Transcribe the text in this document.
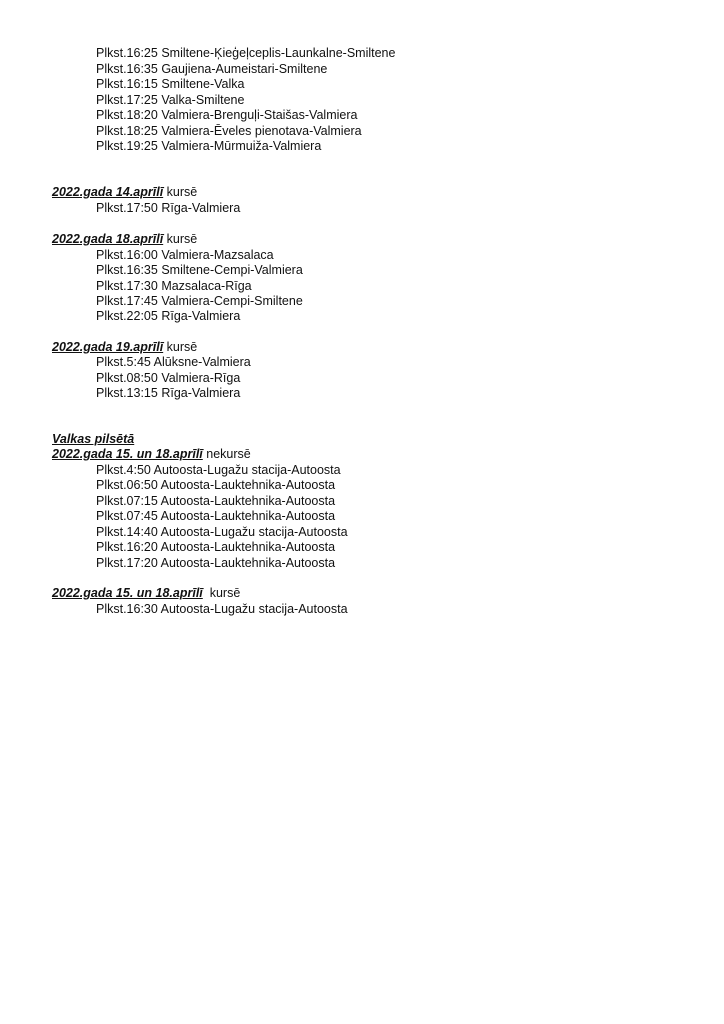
Plkst.16:25 Smiltene-Ķieģeļceplis-Launkalne-Smiltene
Plkst.16:35 Gaujiena-Aumeistari-Smiltene
Plkst.16:15 Smiltene-Valka
Plkst.17:25 Valka-Smiltene
Plkst.18:20 Valmiera-Brenguļi-Staišas-Valmiera
Plkst.18:25 Valmiera-Ēveles pienotava-Valmiera
Plkst.19:25 Valmiera-Mūrmuiža-Valmiera
2022.gada 14.aprīlī kursē
Plkst.17:50 Rīga-Valmiera
2022.gada 18.aprīlī kursē
Plkst.16:00 Valmiera-Mazsalaca
Plkst.16:35 Smiltene-Cempi-Valmiera
Plkst.17:30 Mazsalaca-Rīga
Plkst.17:45 Valmiera-Cempi-Smiltene
Plkst.22:05 Rīga-Valmiera
2022.gada 19.aprīlī kursē
Plkst.5:45 Alūksne-Valmiera
Plkst.08:50 Valmiera-Rīga
Plkst.13:15 Rīga-Valmiera
Valkas pilsētā
2022.gada 15. un 18.aprīlī nekursē
Plkst.4:50 Autoosta-Lugažu stacija-Autoosta
Plkst.06:50 Autoosta-Lauktehnika-Autoosta
Plkst.07:15 Autoosta-Lauktehnika-Autoosta
Plkst.07:45 Autoosta-Lauktehnika-Autoosta
Plkst.14:40 Autoosta-Lugažu stacija-Autoosta
Plkst.16:20 Autoosta-Lauktehnika-Autoosta
Plkst.17:20 Autoosta-Lauktehnika-Autoosta
2022.gada 15. un 18.aprīlī  kursē
Plkst.16:30 Autoosta-Lugažu stacija-Autoosta
